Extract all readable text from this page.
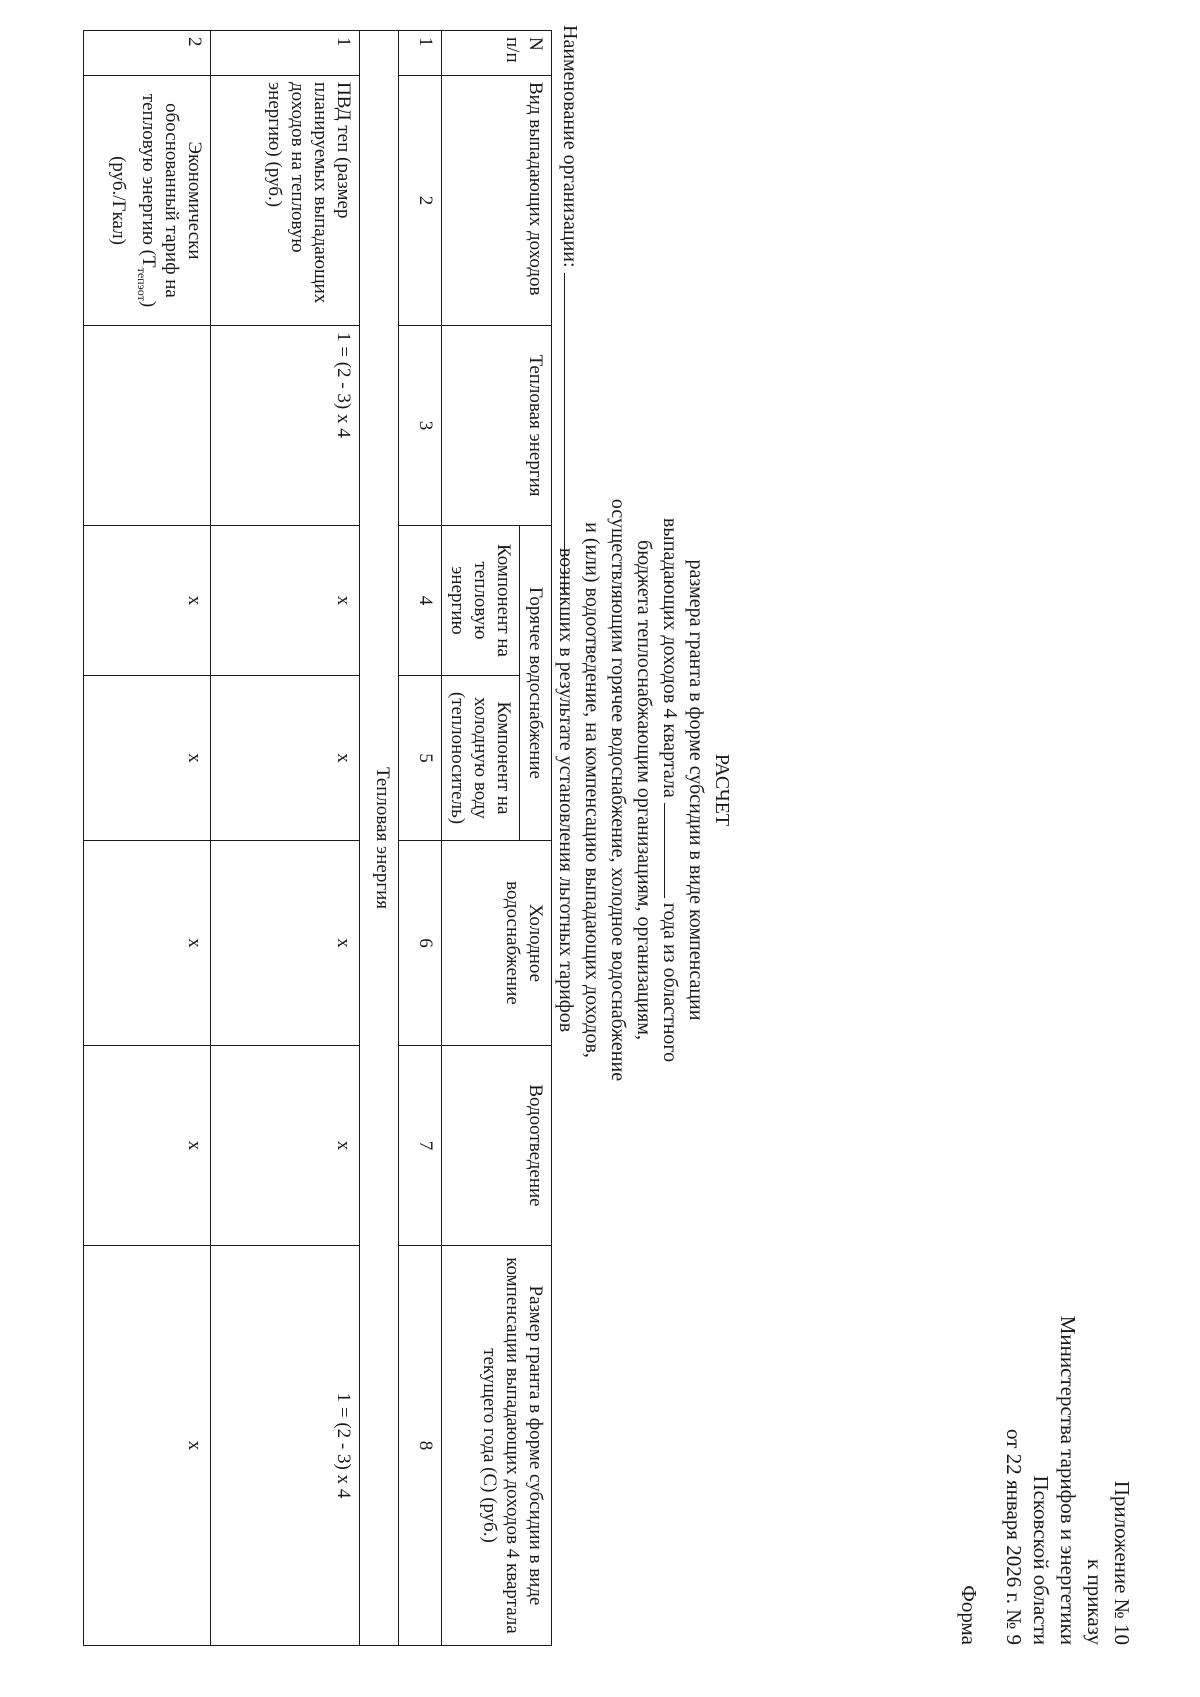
Приложение № 10
к приказу
Министерства тарифов и энергетики
Псковской области
от 22 января 2026 г. № 9
Форма
РАСЧЕТ
размера гранта в форме субсидии в виде компенсации
выпадающих доходов 4 квартала  года из областного
бюджета теплоснабжающим организациям, организациям,
осуществляющим горячее водоснабжение, холодное водоснабжение
и (или) водоотведение, на компенсацию выпадающих доходов,
возникших в результате установления льготных тарифов
Наименование организации:
N п/п	Вид выпадающих доходов	Тепловая энергия	Горячее водоснабжение		Холодное водоснабжение	Водоотведение	Размер гранта в форме субсидии в виде компенсации выпадающих доходов 4 квартала текущего года (С) (руб.)
			Компонент на тепловую энергию	Компонент на холодную воду (теплоноситель)			
1	2	3	4	5	6	7	8
Тепловая энергия							
1	ПВД теп (размер планируемых выпадающих доходов на тепловую энергию) (руб.)	1 = (2 - 3) х 4	х	х	х	х	1 = (2 - 3) х 4
2	Экономически обоснованный тариф на тепловую энергию $(Т_{тепэот})$ (руб./Гкал)		х	х	х	х	х
